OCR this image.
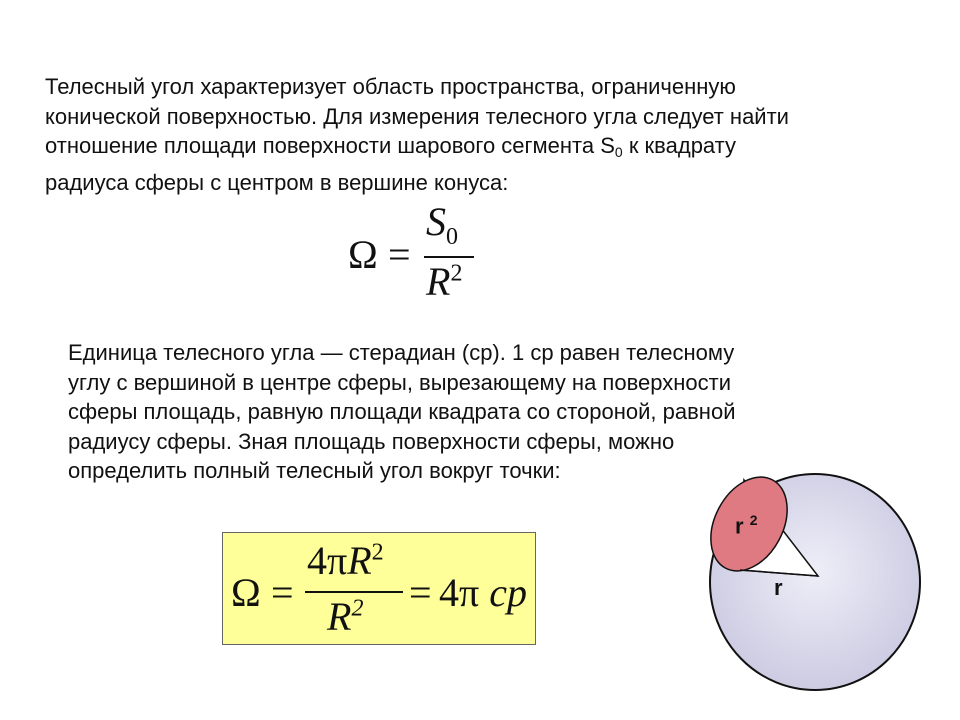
Телесный угол характеризует область пространства, ограниченную
конической поверхностью. Для измерения телесного угла следует найти
отношение площади поверхности шарового сегмента $S_0$ к квадрату
радиуса сферы с центром в вершине конуса:
Ω =
$S_0$
$R^2$
Единица телесного угла — стерадиан (ср). 1 ср равен телесному
углу с вершиной в центре сферы, вырезающему на поверхности
сферы площадь, равную площади квадрата со стороной, равной
радиусу сферы. Зная площадь поверхности сферы, можно
определить полный телесный угол вокруг точки:
Ω =
$4\pi R^2$
$R^2 = 4\pi$ ср
r $^2$
r
